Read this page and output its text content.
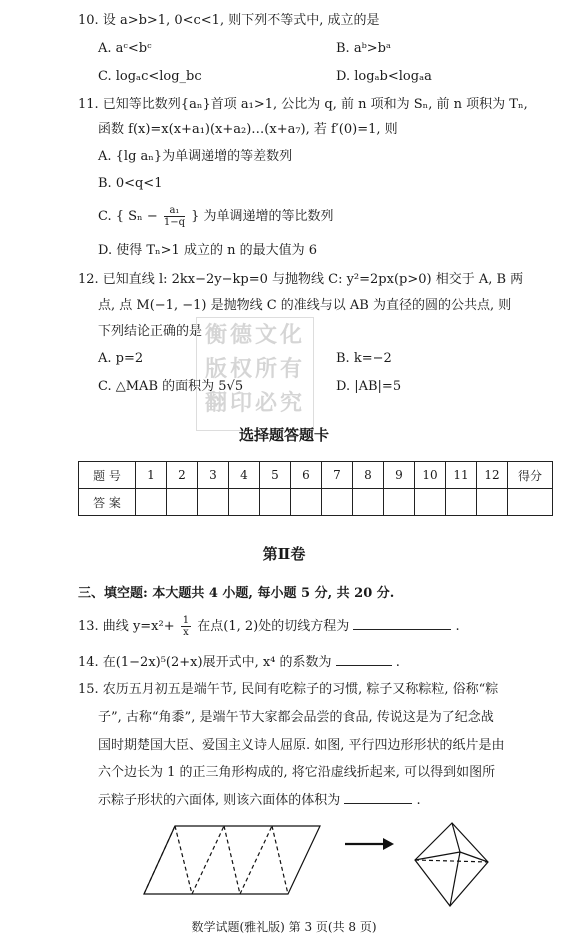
10. 设 a>b>1, 0<c<1, 则下列不等式中, 成立的是
A. aᶜ<bᶜ	B. aᵇ>bᵃ
C. logₐc<log_bc	D. logₐb<logₐa
11. 已知等比数列{aₙ}首项 a₁>1, 公比为 q, 前 n 项和为 Sₙ, 前 n 项积为 Tₙ,
函数 f(x)=x(x+a₁)(x+a₂)…(x+a₇), 若 f′(0)=1, 则
A. {lg aₙ}为单调递增的等差数列
B. 0<q<1
C. { $S_n - \frac{\text{a₁}}{1-q}$ } 为单调递增的等比数列
D. 使得 Tₙ>1 成立的 n 的最大值为 6
12. 已知直线 l: 2kx−2y−kp=0 与抛物线 C: y²=2px(p>0) 相交于 A, B 两
点, 点 M(−1, −1) 是抛物线 C 的准线与以 AB 为直径的圆的公共点, 则
下列结论正确的是 衡德文化
版权所有
翻印必究
A. p=2	B. k=−2
C. △MAB 的面积为 5√5	D. |AB|=5
选择题答题卡
题 号	1	2	3	4	5	6	7	8	9	10	11	12	得分
答 案													
第Ⅱ卷
三、填空题: 本大题共 4 小题, 每小题 5 分, 共 20 分.
13. 曲线 $y=x^2+ \frac{1}{x}$ 在点(1, 2)处的切线方程为	.
14. 在(1−2x)⁵(2+x)展开式中, x⁴ 的系数为	.
15. 农历五月初五是端午节, 民间有吃粽子的习惯, 粽子又称粽粒, 俗称“粽
子”, 古称“角黍”, 是端午节大家都会品尝的食品, 传说这是为了纪念战
国时期楚国大臣、爱国主义诗人屈原. 如图, 平行四边形形状的纸片是由
六个边长为 1 的正三角形构成的, 将它沿虚线折起来, 可以得到如图所
示粽子形状的六面体, 则该六面体的体积为	.
数学试题(雅礼版) 第 3 页(共 8 页)
